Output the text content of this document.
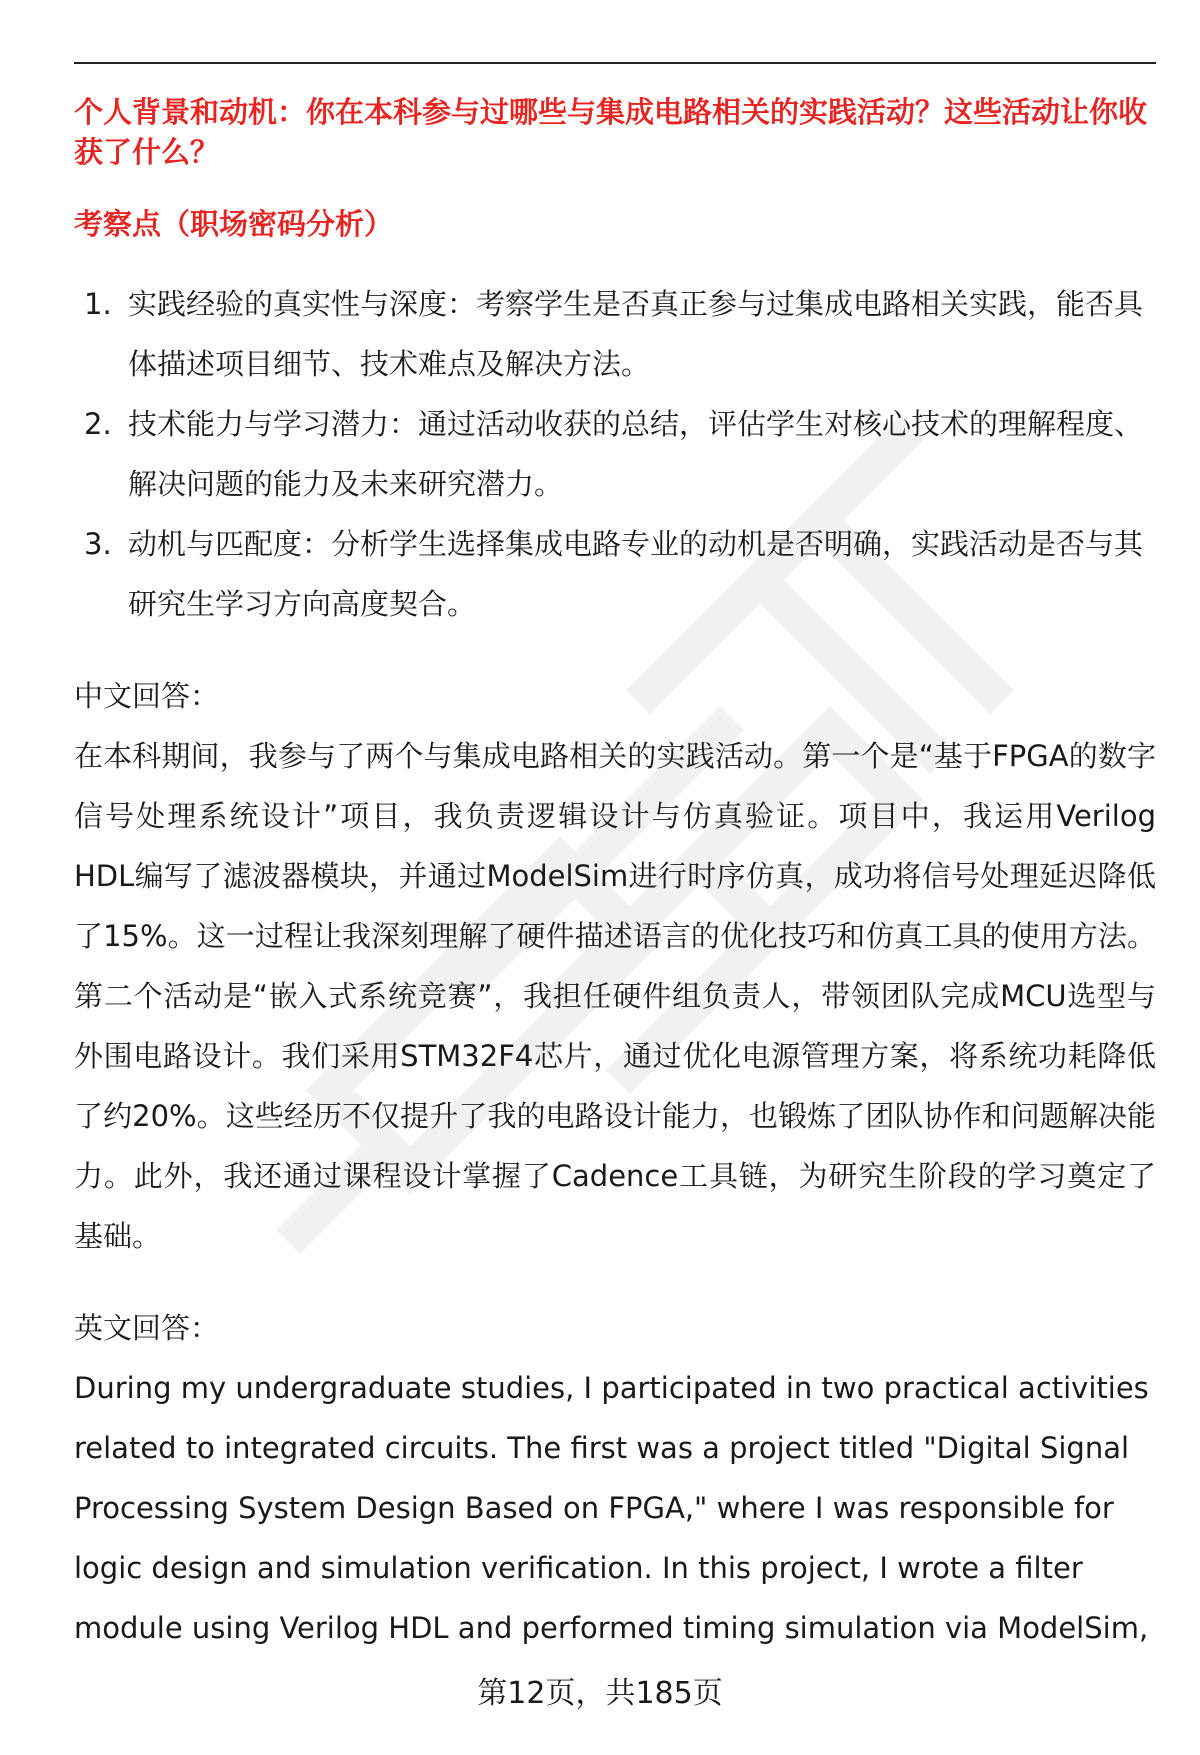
个人背景和动机：你在本科参与过哪些与集成电路相关的实践活动？这些活动让你收获了什么？

考察点（职场密码分析）

1. 实践经验的真实性与深度：考察学生是否真正参与过集成电路相关实践，能否具体描述项目细节、技术难点及解决方法。
2. 技术能力与学习潜力：通过活动收获的总结，评估学生对核心技术的理解程度、解决问题的能力及未来研究潜力。
3. 动机与匹配度：分析学生选择集成电路专业的动机是否明确，实践活动是否与其研究生学习方向高度契合。

中文回答：

在本科期间，我参与了两个与集成电路相关的实践活动。第一个是“基于FPGA的数字信号处理系统设计”项目，我负责逻辑设计与仿真验证。项目中，我运用Verilog HDL编写了滤波器模块，并通过ModelSim进行时序仿真，成功将信号处理延迟降低了15%。这一过程让我深刻理解了硬件描述语言的优化技巧和仿真工具的使用方法。第二个活动是“嵌入式系统竞赛”，我担任硬件组负责人，带领团队完成MCU选型与外围电路设计。我们采用STM32F4芯片，通过优化电源管理方案，将系统功耗降低了约20%。这些经历不仅提升了我的电路设计能力，也锻炼了团队协作和问题解决能力。此外，我还通过课程设计掌握了Cadence工具链，为研究生阶段的学习奠定了基础。

英文回答：

During my undergraduate studies, I participated in two practical activities related to integrated circuits. The first was a project titled "Digital Signal Processing System Design Based on FPGA," where I was responsible for logic design and simulation verification. In this project, I wrote a filter module using Verilog HDL and performed timing simulation via ModelSim,

第12页，共185页
